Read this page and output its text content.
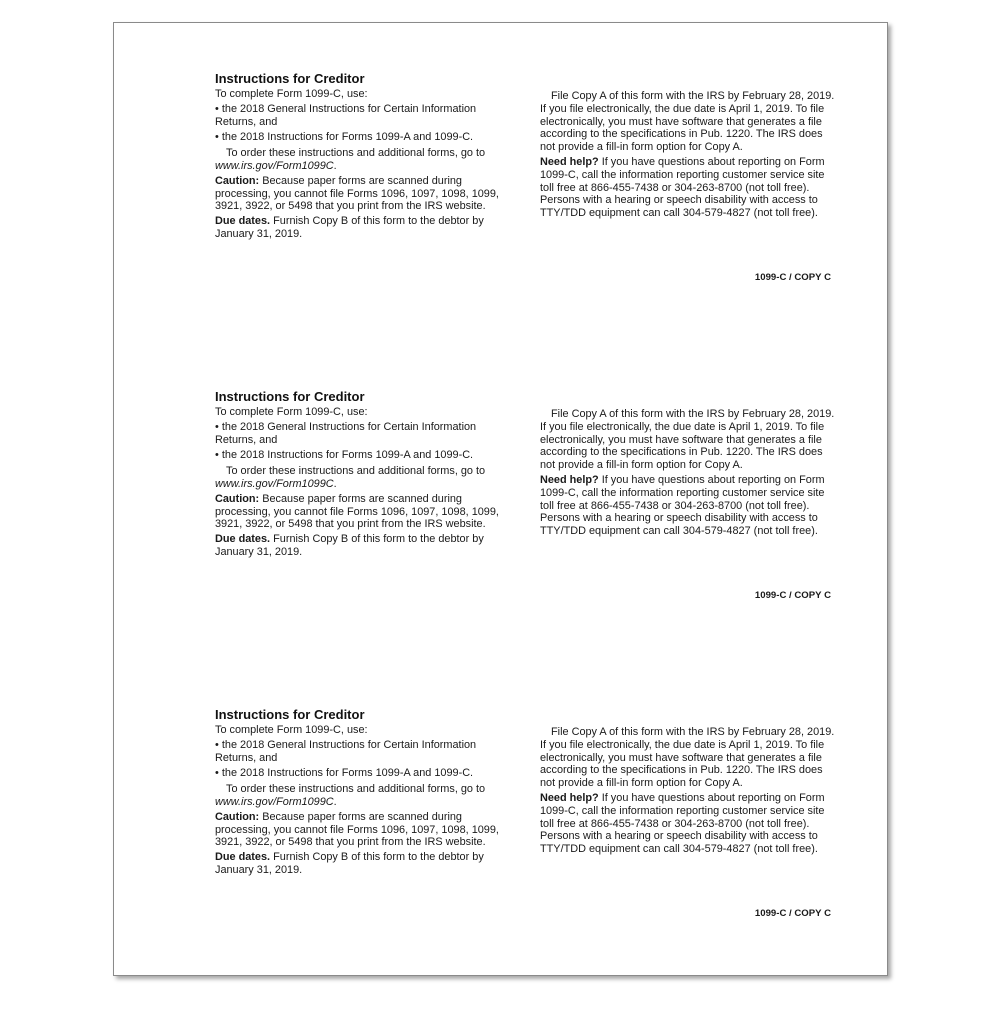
Instructions for Creditor
To complete Form 1099-C, use:
• the 2018 General Instructions for Certain Information Returns, and
• the 2018 Instructions for Forms 1099-A and 1099-C.
To order these instructions and additional forms, go to www.irs.gov/Form1099C.
Caution: Because paper forms are scanned during processing, you cannot file Forms 1096, 1097, 1098, 1099, 3921, 3922, or 5498 that you print from the IRS website.
Due dates. Furnish Copy B of this form to the debtor by January 31, 2019.
File Copy A of this form with the IRS by February 28, 2019. If you file electronically, the due date is April 1, 2019. To file electronically, you must have software that generates a file according to the specifications in Pub. 1220. The IRS does not provide a fill-in form option for Copy A.
Need help? If you have questions about reporting on Form 1099-C, call the information reporting customer service site toll free at 866-455-7438 or 304-263-8700 (not toll free). Persons with a hearing or speech disability with access to TTY/TDD equipment can call 304-579-4827 (not toll free).
1099-C / COPY C
Instructions for Creditor
To complete Form 1099-C, use:
• the 2018 General Instructions for Certain Information Returns, and
• the 2018 Instructions for Forms 1099-A and 1099-C.
To order these instructions and additional forms, go to www.irs.gov/Form1099C.
Caution: Because paper forms are scanned during processing, you cannot file Forms 1096, 1097, 1098, 1099, 3921, 3922, or 5498 that you print from the IRS website.
Due dates. Furnish Copy B of this form to the debtor by January 31, 2019.
File Copy A of this form with the IRS by February 28, 2019. If you file electronically, the due date is April 1, 2019. To file electronically, you must have software that generates a file according to the specifications in Pub. 1220. The IRS does not provide a fill-in form option for Copy A.
Need help? If you have questions about reporting on Form 1099-C, call the information reporting customer service site toll free at 866-455-7438 or 304-263-8700 (not toll free). Persons with a hearing or speech disability with access to TTY/TDD equipment can call 304-579-4827 (not toll free).
1099-C / COPY C
Instructions for Creditor
To complete Form 1099-C, use:
• the 2018 General Instructions for Certain Information Returns, and
• the 2018 Instructions for Forms 1099-A and 1099-C.
To order these instructions and additional forms, go to www.irs.gov/Form1099C.
Caution: Because paper forms are scanned during processing, you cannot file Forms 1096, 1097, 1098, 1099, 3921, 3922, or 5498 that you print from the IRS website.
Due dates. Furnish Copy B of this form to the debtor by January 31, 2019.
File Copy A of this form with the IRS by February 28, 2019. If you file electronically, the due date is April 1, 2019. To file electronically, you must have software that generates a file according to the specifications in Pub. 1220. The IRS does not provide a fill-in form option for Copy A.
Need help? If you have questions about reporting on Form 1099-C, call the information reporting customer service site toll free at 866-455-7438 or 304-263-8700 (not toll free). Persons with a hearing or speech disability with access to TTY/TDD equipment can call 304-579-4827 (not toll free).
1099-C / COPY C
